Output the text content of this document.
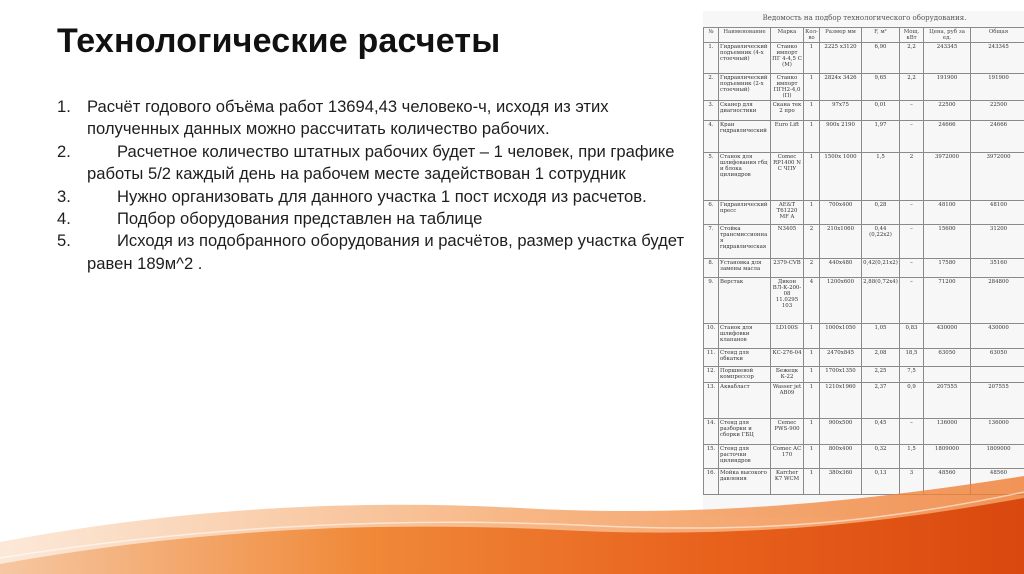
Технологические расчеты
1. Расчёт годового объёма работ 13694,43 человеко-ч, исходя из этих полученных данных можно рассчитать количество рабочих.
2.	Расчетное количество штатных рабочих будет – 1 человек, при графике работы 5/2 каждый день на рабочем месте задействован 1 сотрудник
3.	Нужно организовать для данного участка 1 пост исходя из расчетов.
4.	Подбор оборудования представлен на таблице
5.	Исходя из подобранного оборудования и расчётов, размер участка будет равен 189м^2 .
Ведомость на подбор технологического оборудования.
№	Наименование	Марка	Кол-во	Размер мм	F, м²	Мощ. кВт	Цена, руб за ед.	Общая
1.	Гидравлический подъемник (4-х стоечный)	Станко импорт ПГ 4-4,5 С (М)	1	2225 х3120	6,90	2,2	243345	243345
2.	Гидравлический подъемник (2-х стоечный)	Станко импорт ПГН2-4,0 (П)	1	2824х 3426	9,65	2,2	191900	191900
3.	Сканер для диагностики	Скана тек 2 про	1	97х75	0,01	–	22500	22500
4.	Кран гидравлический	Euro Lift	1	900х 2190	1,97	–	24666	24666
5.	Станок для шлифования гбц и блока цилиндров	Comec RP1400 N C ЧПУ	1	1500х 1000	1,5	2	3972000	3972000
6.	Гидравлический пресс	AE&T T61220 MF A	1	700х400	0,28	–	48100	48100
7.	Стойка трансмиссионная гидравлическая	N3405	2	210х1060	0,44 (0,22х2)	–	15600	31200
8.	Установка для замены масла	2379-CVB	2	440х480	0,42(0,21х2)	–	17580	35160
9.	Верстак	Дикон ВЛ-К-200-08 11.0295 103	4	1200х600	2,88(0,72х4)	–	71200	284800
10.	Станок для шлифовки клапанов	LD100S	1	1000х1050	1,05	0,83	430000	430000
11.	Стенд для обкатки	КС-276-04	1	2470х845	2,08	18,5	63050	63050
12.	Поршневой компрессор	Бежецк К-22	1	1700х1350	2,25	7,5		
13.	Аквабласт	Wasser jet AB09	1	1210х1960	2,37	0,9	207555	207555
14.	Стенд для разборки и сборки ГБЦ	Cemec PWS-900	1	900х500	0,45	–	136000	136000
15.	Стенд для расточки цилиндров	Comec AC 170	1	800х400	0,32	1,5	1809000	1809000
16.	Мойка высокого давления	Karcher K7 WCM	1	380х360	0,13	3	48560	48560
